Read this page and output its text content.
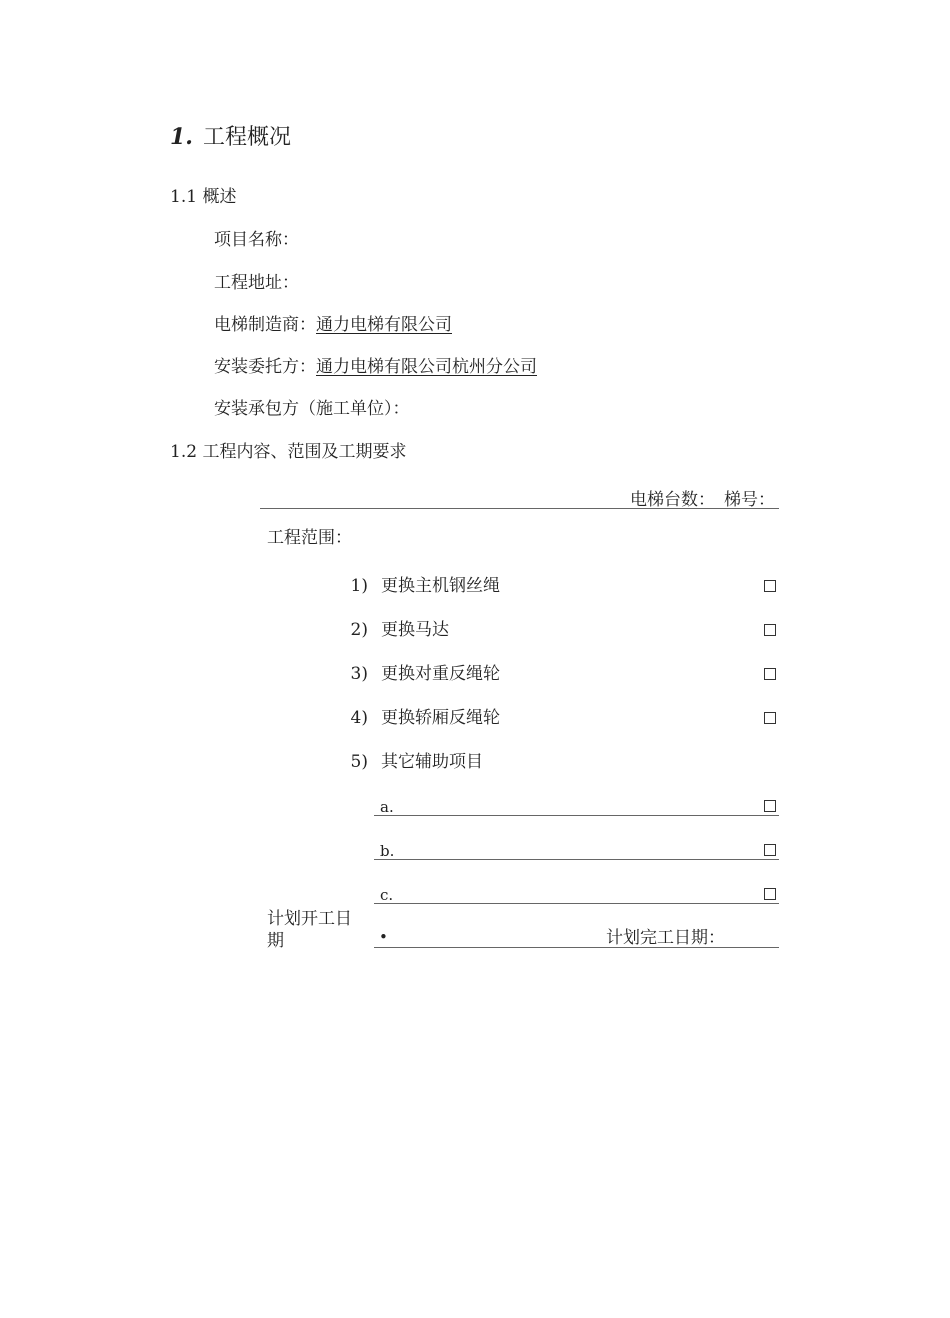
1. 工程概况
1.1 概述
项目名称：
工程地址：
电梯制造商：通力电梯有限公司
安装委托方：通力电梯有限公司杭州分公司
安装承包方（施工单位）：
1.2 工程内容、范围及工期要求
电梯台数： 梯号：
工程范围：
1) 更换主机钢丝绳
2) 更换马达
3) 更换对重反绳轮
4) 更换轿厢反绳轮
5) 其它辅助项目
a.
b.
c.
计划开工日期	•	计划完工日期：
